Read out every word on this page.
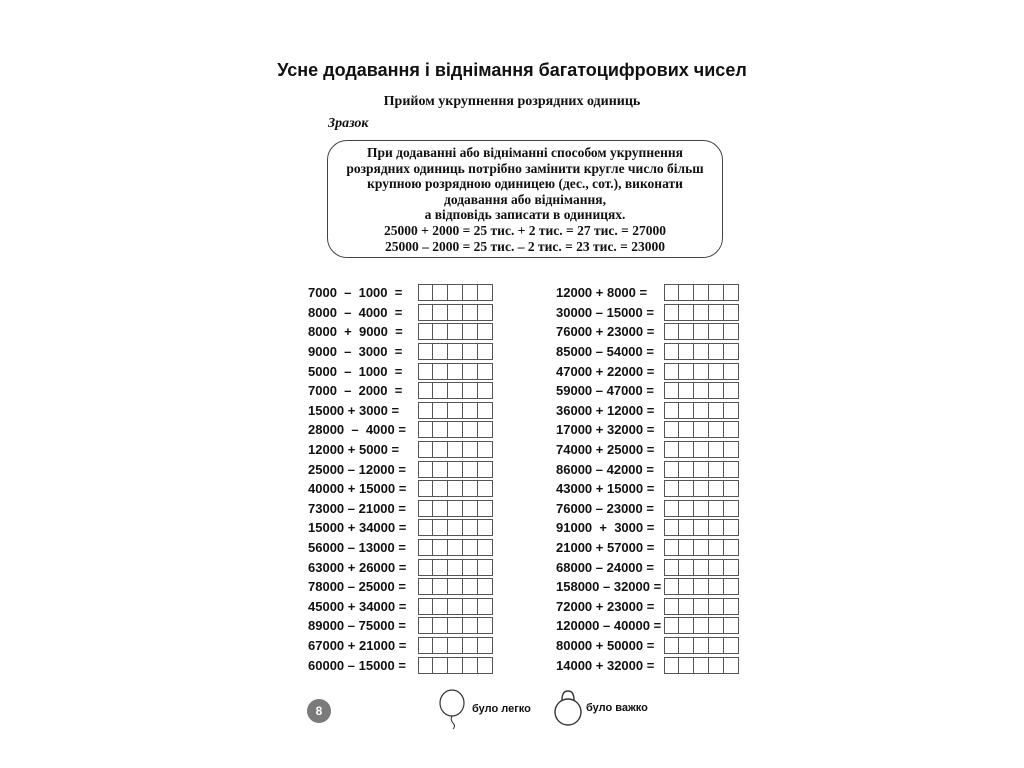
Усне додавання і віднімання багатоцифрових чисел
Прийом укрупнення розрядних одиниць
Зразок
При додаванні або відніманні способом укрупнення
розрядних одиниць потрібно замінити круглe число більш
крупною розрядною одиницею (дес., сот.), виконати
додавання або віднімання,
а відповідь записати в одиницях.
25000 + 2000 = 25 тис. + 2 тис. = 27 тис. = 27000
25000 – 2000 = 25 тис. – 2 тис. = 23 тис. = 23000
7000  –  1000  =
8000  –  4000  =
8000  +  9000  =
9000  –  3000  =
5000  –  1000  =
7000  –  2000  =
15000 + 3000 =
28000  –  4000 =
12000 + 5000 =
25000 – 12000 =
40000 + 15000 =
73000 – 21000 =
15000 + 34000 =
56000 – 13000 =
63000 + 26000 =
78000 – 25000 =
45000 + 34000 =
89000 – 75000 =
67000 + 21000 =
60000 – 15000 =
12000 + 8000 =
30000 – 15000 =
76000 + 23000 =
85000 – 54000 =
47000 + 22000 =
59000 – 47000 =
36000 + 12000 =
17000 + 32000 =
74000 + 25000 =
86000 – 42000 =
43000 + 15000 =
76000 – 23000 =
91000  +  3000 =
21000 + 57000 =
68000 – 24000 =
158000 – 32000 =
72000 + 23000 =
120000 – 40000 =
80000 + 50000 =
14000 + 32000 =
8	було легко	було важко
